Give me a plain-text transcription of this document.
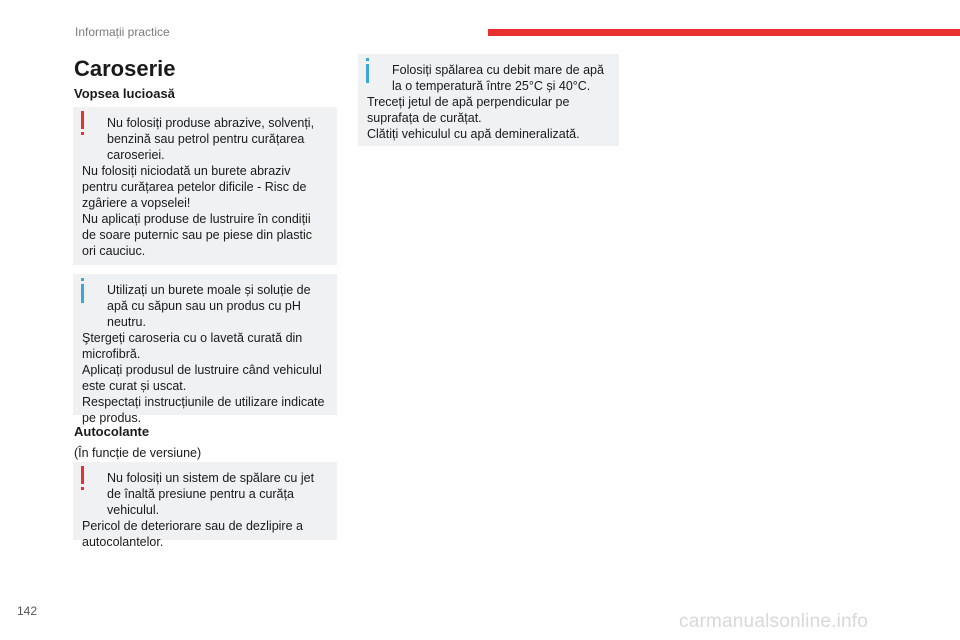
Informații practice
Caroserie
Vopsea lucioasă

Nu folosiți produse abrazive, solvenți, benzină sau petrol pentru curățarea caroseriei.

Nu folosiți niciodată un burete abraziv pentru curățarea petelor dificile - Risc de zgâriere a vopselei!

Nu aplicați produse de lustruire în condiții de soare puternic sau pe piese din plastic ori cauciuc.

Utilizați un burete moale și soluție de apă cu săpun sau un produs cu pH neutru.

Ştergeți caroseria cu o lavetă curată din microfibră.

Aplicați produsul de lustruire când vehiculul este curat și uscat.

Respectați instrucțiunile de utilizare indicate pe produs.

Autocolante

(În funcție de versiune)

Nu folosiți un sistem de spălare cu jet de înaltă presiune pentru a curăța vehiculul.

Pericol de deteriorare sau de dezlipire a autocolantelor.

Folosiți spălarea cu debit mare de apă la o temperatură între 25°C și 40°C.

Treceți jetul de apă perpendicular pe suprafața de curățat.

Clătiți vehiculul cu apă demineralizată.

142	carmanualsonline.info
